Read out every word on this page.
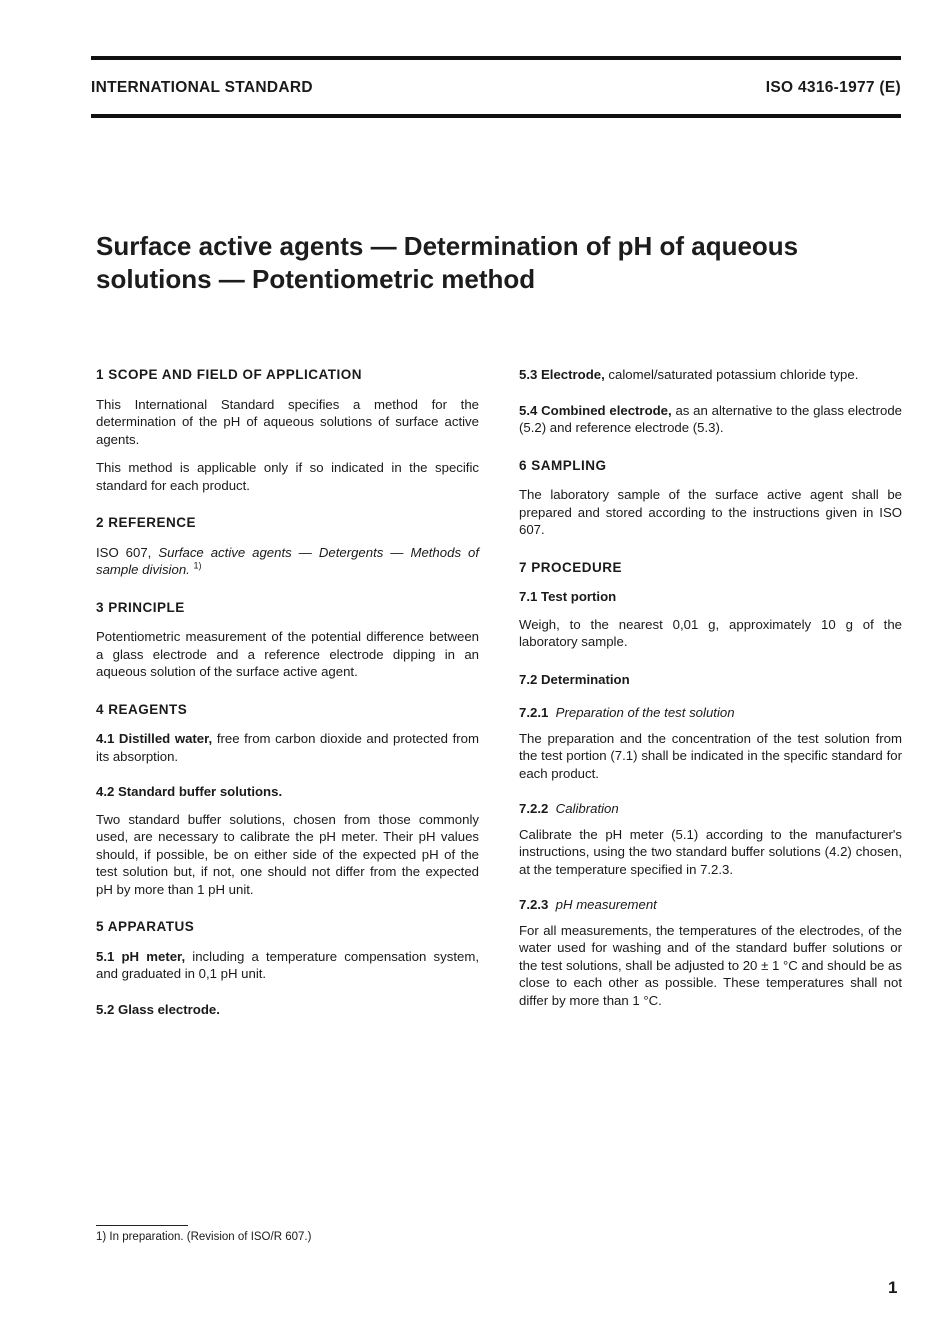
INTERNATIONAL STANDARD	ISO 4316-1977 (E)
Surface active agents — Determination of pH of aqueous
solutions — Potentiometric method
1 SCOPE AND FIELD OF APPLICATION

This International Standard specifies a method for the determination of the pH of aqueous solutions of surface active agents.

This method is applicable only if so indicated in the specific standard for each product.

2 REFERENCE

ISO 607, Surface active agents — Detergents — Methods of sample division. $^{1)}$

3 PRINCIPLE

Potentiometric measurement of the potential difference between a glass electrode and a reference electrode dipping in an aqueous solution of the surface active agent.

4 REAGENTS

4.1 Distilled water, free from carbon dioxide and protected from its absorption.

4.2 Standard buffer solutions.

Two standard buffer solutions, chosen from those commonly used, are necessary to calibrate the pH meter. Their pH values should, if possible, be on either side of the expected pH of the test solution but, if not, one should not differ from the expected pH by more than 1 pH unit.

5 APPARATUS

5.1 pH meter, including a temperature compensation system, and graduated in 0,1 pH unit.

5.2 Glass electrode.

5.3 Electrode, calomel/saturated potassium chloride type.

5.4 Combined electrode, as an alternative to the glass electrode (5.2) and reference electrode (5.3).

6 SAMPLING

The laboratory sample of the surface active agent shall be prepared and stored according to the instructions given in ISO 607.

7 PROCEDURE
7.1 Test portion

Weigh, to the nearest 0,01 g, approximately 10 g of the laboratory sample.

7.2 Determination
7.2.1 Preparation of the test solution

The preparation and the concentration of the test solution from the test portion (7.1) shall be indicated in the specific standard for each product.

7.2.2 Calibration

Calibrate the pH meter (5.1) according to the manufacturer's instructions, using the two standard buffer solutions (4.2) chosen, at the temperature specified in 7.2.3.

7.2.3 pH measurement

For all measurements, the temperatures of the electrodes, of the water used for washing and of the standard buffer solutions or the test solutions, shall be adjusted to 20 ± 1 °C and should be as close to each other as possible. These temperatures shall not differ by more than 1 °C.

1) In preparation. (Revision of ISO/R 607.)
1
